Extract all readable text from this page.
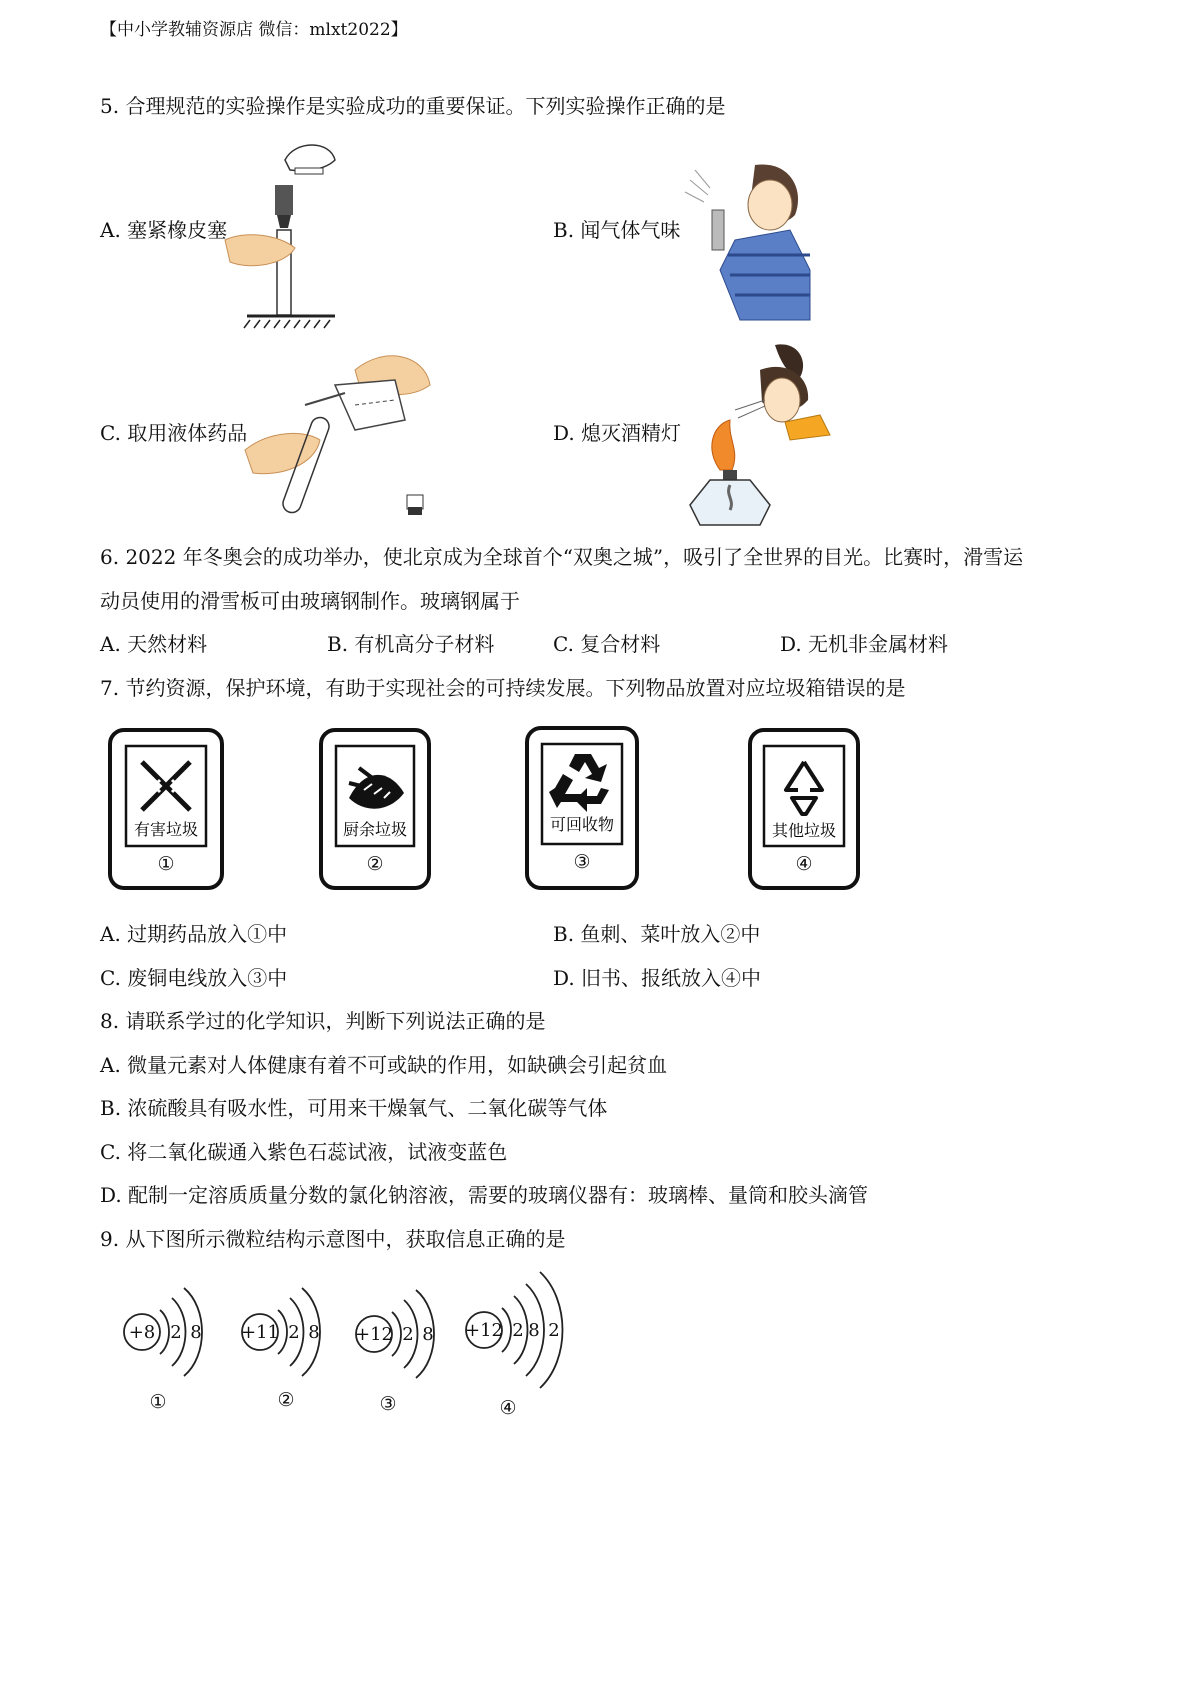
【中小学教辅资源店 微信：mlxt2022】
5. 合理规范的实验操作是实验成功的重要保证。下列实验操作正确的是
A. 塞紧橡皮塞	B. 闻气体气味
C. 取用液体药品	D. 熄灭酒精灯
6. 2022 年冬奥会的成功举办，使北京成为全球首个“双奥之城”，吸引了全世界的目光。比赛时，滑雪运
动员使用的滑雪板可由玻璃钢制作。玻璃钢属于
A. 天然材料	B. 有机高分子材料	C. 复合材料	D. 无机非金属材料
7. 节约资源，保护环境，有助于实现社会的可持续发展。下列物品放置对应垃圾箱错误的是
有害垃圾
①
厨余垃圾
②
可回收物
③
其他垃圾
④
A. 过期药品放入①中	B. 鱼刺、菜叶放入②中
C. 废铜电线放入③中	D. 旧书、报纸放入④中
8. 请联系学过的化学知识，判断下列说法正确的是
A. 微量元素对人体健康有着不可或缺的作用，如缺碘会引起贫血
B. 浓硫酸具有吸水性，可用来干燥氧气、二氧化碳等气体
C. 将二氧化碳通入紫色石蕊试液，试液变蓝色
D. 配制一定溶质质量分数的氯化钠溶液，需要的玻璃仪器有：玻璃棒、量筒和胶头滴管
9. 从下图所示微粒结构示意图中，获取信息正确的是
+8 2 8
①
+11 2 8
②
+12 2 8
③
+12 2 8 2
④
